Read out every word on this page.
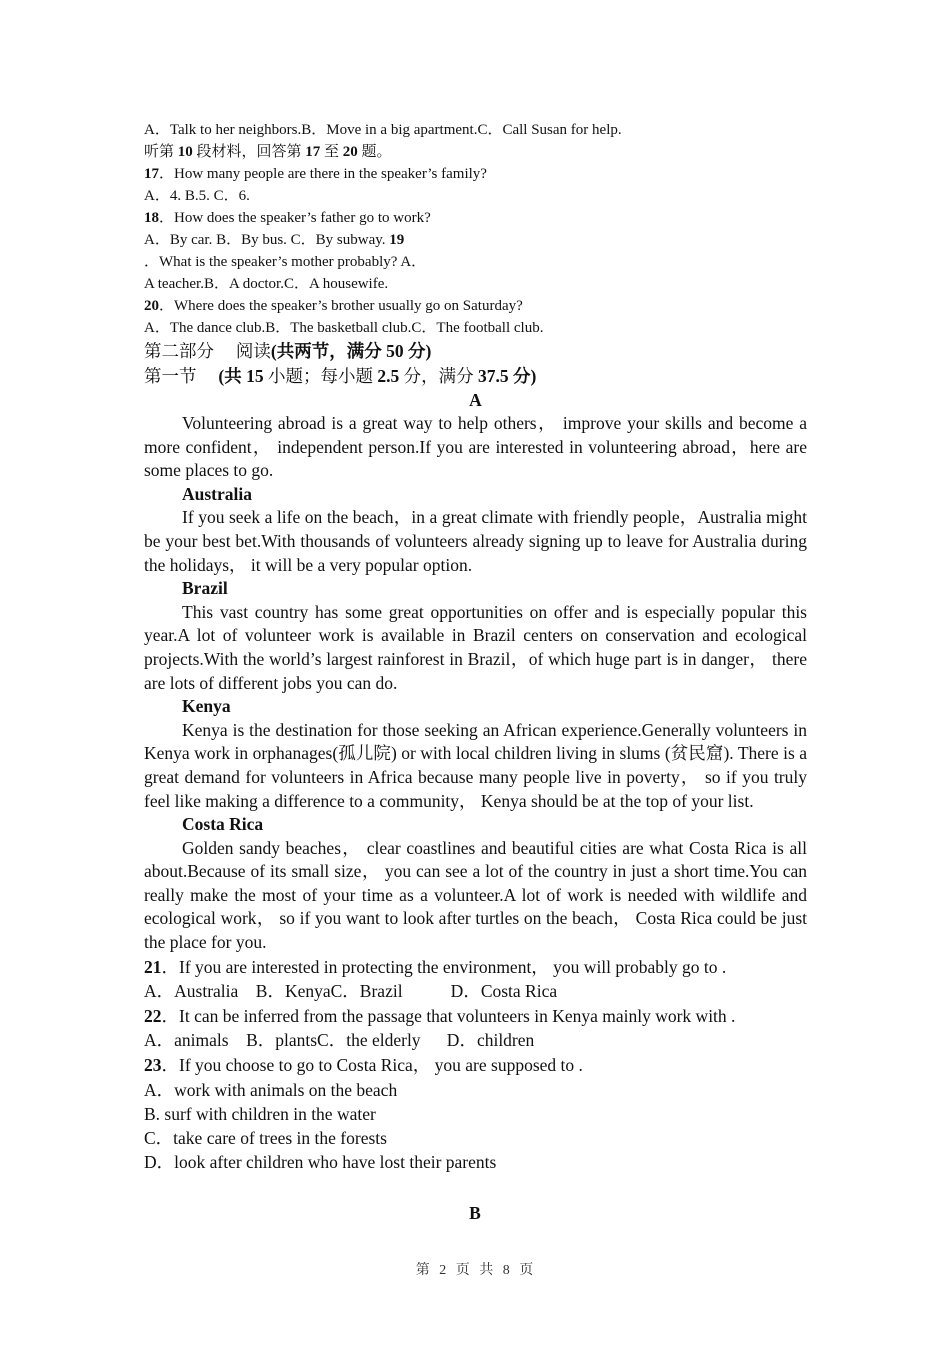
A．Talk to her neighbors.B．Move in a big apartment.C．Call Susan for help.
听第 10 段材料，回答第 17 至 20 题。
17．How many people are there in the speaker’s family?
A．4. B.5. C．6.
18．How does the speaker’s father go to work?
A．By car. B．By bus. C．By subway. 19
．What is the speaker’s mother probably? A．
A teacher.B．A doctor.C．A housewife.
20．Where does the speaker’s brother usually go on Saturday?
A．The dance club.B．The basketball club.C．The football club.
第二部分　 阅读(共两节，满分 50 分)
第一节　 (共 15 小题；每小题 2.5 分，满分 37.5 分)
A
Volunteering abroad is a great way to help others， improve your skills and become a more confident， independent person.If you are interested in volunteering abroad，here are some places to go.
Australia
If you seek a life on the beach，in a great climate with friendly people，Australia might be your best bet.With thousands of volunteers already signing up to leave for Australia during the holidays， it will be a very popular option.
Brazil
This vast country has some great opportunities on offer and is especially popular this year.A lot of volunteer work is available in Brazil centers on conservation and ecological projects.With the world’s largest rainforest in Brazil，of which huge part is in danger， there are lots of different jobs you can do.
Kenya
Kenya is the destination for those seeking an African experience.Generally volunteers in Kenya work in orphanages(孤儿院) or with local children living in slums (贫民窟). There is a great demand for volunteers in Africa because many people live in poverty， so if you truly feel like making a difference to a community， Kenya should be at the top of your list.
Costa Rica
Golden sandy beaches， clear coastlines and beautiful cities are what Costa Rica is all about.Because of its small size， you can see a lot of the country in just a short time.You can really make the most of your time as a volunteer.A lot of work is needed with wildlife and ecological work， so if you want to look after turtles on the beach， Costa Rica could be just the place for you.
21．If you are interested in protecting the environment， you will probably go to .
A．Australia    B．KenyaC．Brazil           D．Costa Rica
22．It can be inferred from the passage that volunteers in Kenya mainly work with .
A．animals    B．plantsC．the elderly      D．children
23．If you choose to go to Costa Rica， you are supposed to .
A．work with animals on the beach
B. surf with children in the water
C．take care of trees in the forests
D．look after children who have lost their parents
B
第 2 页 共 8 页
